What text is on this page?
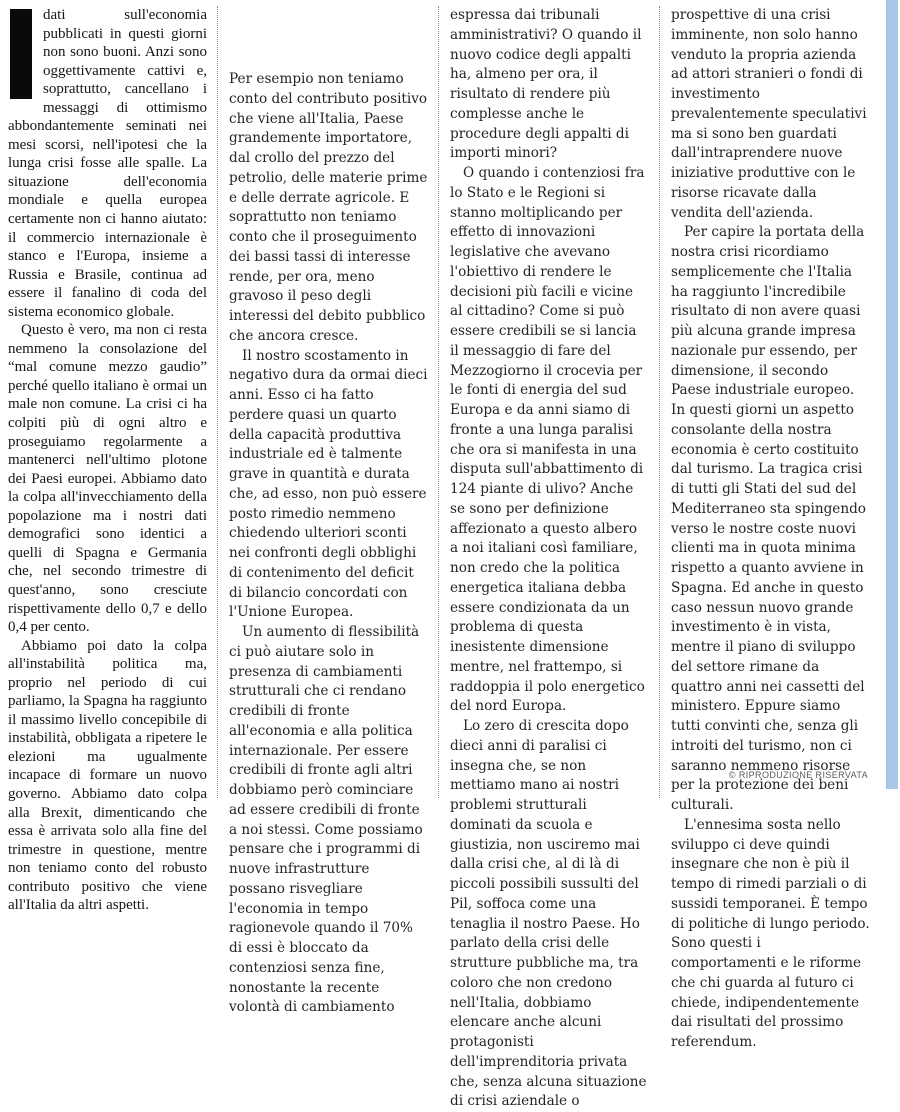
dati sull'economia pubblicati in questi giorni non sono buoni. Anzi sono oggettivamente cattivi e, soprattutto, cancellano i messaggi di ottimismo abbondantemente seminati nei mesi scorsi, nell'ipotesi che la lunga crisi fosse alle spalle. La situazione dell'economia mondiale e quella europea certamente non ci hanno aiutato: il commercio internazionale è stanco e l'Europa, insieme a Russia e Brasile, continua ad essere il fanalino di coda del sistema economico globale.

Questo è vero, ma non ci resta nemmeno la consolazione del “mal comune mezzo gaudio” perché quello italiano è ormai un male non comune. La crisi ci ha colpiti più di ogni altro e proseguiamo regolarmente a mantenerci nell'ultimo plotone dei Paesi europei. Abbiamo dato la colpa all'invecchiamento della popolazione ma i nostri dati demografici sono identici a quelli di Spagna e Germania che, nel secondo trimestre di quest'anno, sono cresciute rispettivamente dello 0,7 e dello 0,4 per cento.

Abbiamo poi dato la colpa all'instabilità politica ma, proprio nel periodo di cui parliamo, la Spagna ha raggiunto il massimo livello concepibile di instabilità, obbligata a ripetere le elezioni ma ugualmente incapace di formare un nuovo governo. Abbiamo dato colpa alla Brexit, dimenticando che essa è arrivata solo alla fine del trimestre in questione, mentre non teniamo conto del robusto contributo positivo che viene all'Italia da altri aspetti.

Per esempio non teniamo conto del contributo positivo che viene all'Italia, Paese grandemente importatore, dal crollo del prezzo del petrolio, delle materie prime e delle derrate agricole. E soprattutto non teniamo conto che il proseguimento dei bassi tassi di interesse rende, per ora, meno gravoso il peso degli interessi del debito pubblico che ancora cresce.

Il nostro scostamento in negativo dura da ormai dieci anni. Esso ci ha fatto perdere quasi un quarto della capacità produttiva industriale ed è talmente grave in quantità e durata che, ad esso, non può essere posto rimedio nemmeno chiedendo ulteriori sconti nei confronti degli obblighi di contenimento del deficit di bilancio concordati con l'Unione Europea.

Un aumento di flessibilità ci può aiutare solo in presenza di cambiamenti strutturali che ci rendano credibili di fronte all'economia e alla politica internazionale. Per essere credibili di fronte agli altri dobbiamo però cominciare ad essere credibili di fronte a noi stessi. Come possiamo pensare che i programmi di nuove infrastrutture possano risvegliare l'economia in tempo ragionevole quando il 70% di essi è bloccato da contenziosi senza fine, nonostante la recente volontà di cambiamento

espressa dai tribunali amministrativi? O quando il nuovo codice degli appalti ha, almeno per ora, il risultato di rendere più complesse anche le procedure degli appalti di importi minori?

O quando i contenziosi fra lo Stato e le Regioni si stanno moltiplicando per effetto di innovazioni legislative che avevano l'obiettivo di rendere le decisioni più facili e vicine al cittadino? Come si può essere credibili se si lancia il messaggio di fare del Mezzogiorno il crocevia per le fonti di energia del sud Europa e da anni siamo di fronte a una lunga paralisi che ora si manifesta in una disputa sull'abbattimento di 124 piante di ulivo? Anche se sono per definizione affezionato a questo albero a noi italiani così familiare, non credo che la politica energetica italiana debba essere condizionata da un problema di questa inesistente dimensione mentre, nel frattempo, si raddoppia il polo energetico del nord Europa.

Lo zero di crescita dopo dieci anni di paralisi ci insegna che, se non mettiamo mano ai nostri problemi strutturali dominati da scuola e giustizia, non usciremo mai dalla crisi che, al di là di piccoli possibili sussulti del Pil, soffoca come una tenaglia il nostro Paese. Ho parlato della crisi delle strutture pubbliche ma, tra coloro che non credono nell'Italia, dobbiamo elencare anche alcuni protagonisti dell'imprenditoria privata che, senza alcuna situazione di crisi aziendale o

prospettive di una crisi imminente, non solo hanno venduto la propria azienda ad attori stranieri o fondi di investimento prevalentemente speculativi ma si sono ben guardati dall'intraprendere nuove iniziative produttive con le risorse ricavate dalla vendita dell'azienda.

Per capire la portata della nostra crisi ricordiamo semplicemente che l'Italia ha raggiunto l'incredibile risultato di non avere quasi più alcuna grande impresa nazionale pur essendo, per dimensione, il secondo Paese industriale europeo. In questi giorni un aspetto consolante della nostra economia è certo costituito dal turismo. La tragica crisi di tutti gli Stati del sud del Mediterraneo sta spingendo verso le nostre coste nuovi clienti ma in quota minima rispetto a quanto avviene in Spagna. Ed anche in questo caso nessun nuovo grande investimento è in vista, mentre il piano di sviluppo del settore rimane da quattro anni nei cassetti del ministero. Eppure siamo tutti convinti che, senza gli introiti del turismo, non ci saranno nemmeno risorse per la protezione dei beni culturali.

L'ennesima sosta nello sviluppo ci deve quindi insegnare che non è più il tempo di rimedi parziali o di sussidi temporanei. È tempo di politiche di lungo periodo. Sono questi i comportamenti e le riforme che chi guarda al futuro ci chiede, indipendentemente dai risultati del prossimo referendum.

© RIPRODUZIONE RISERVATA
